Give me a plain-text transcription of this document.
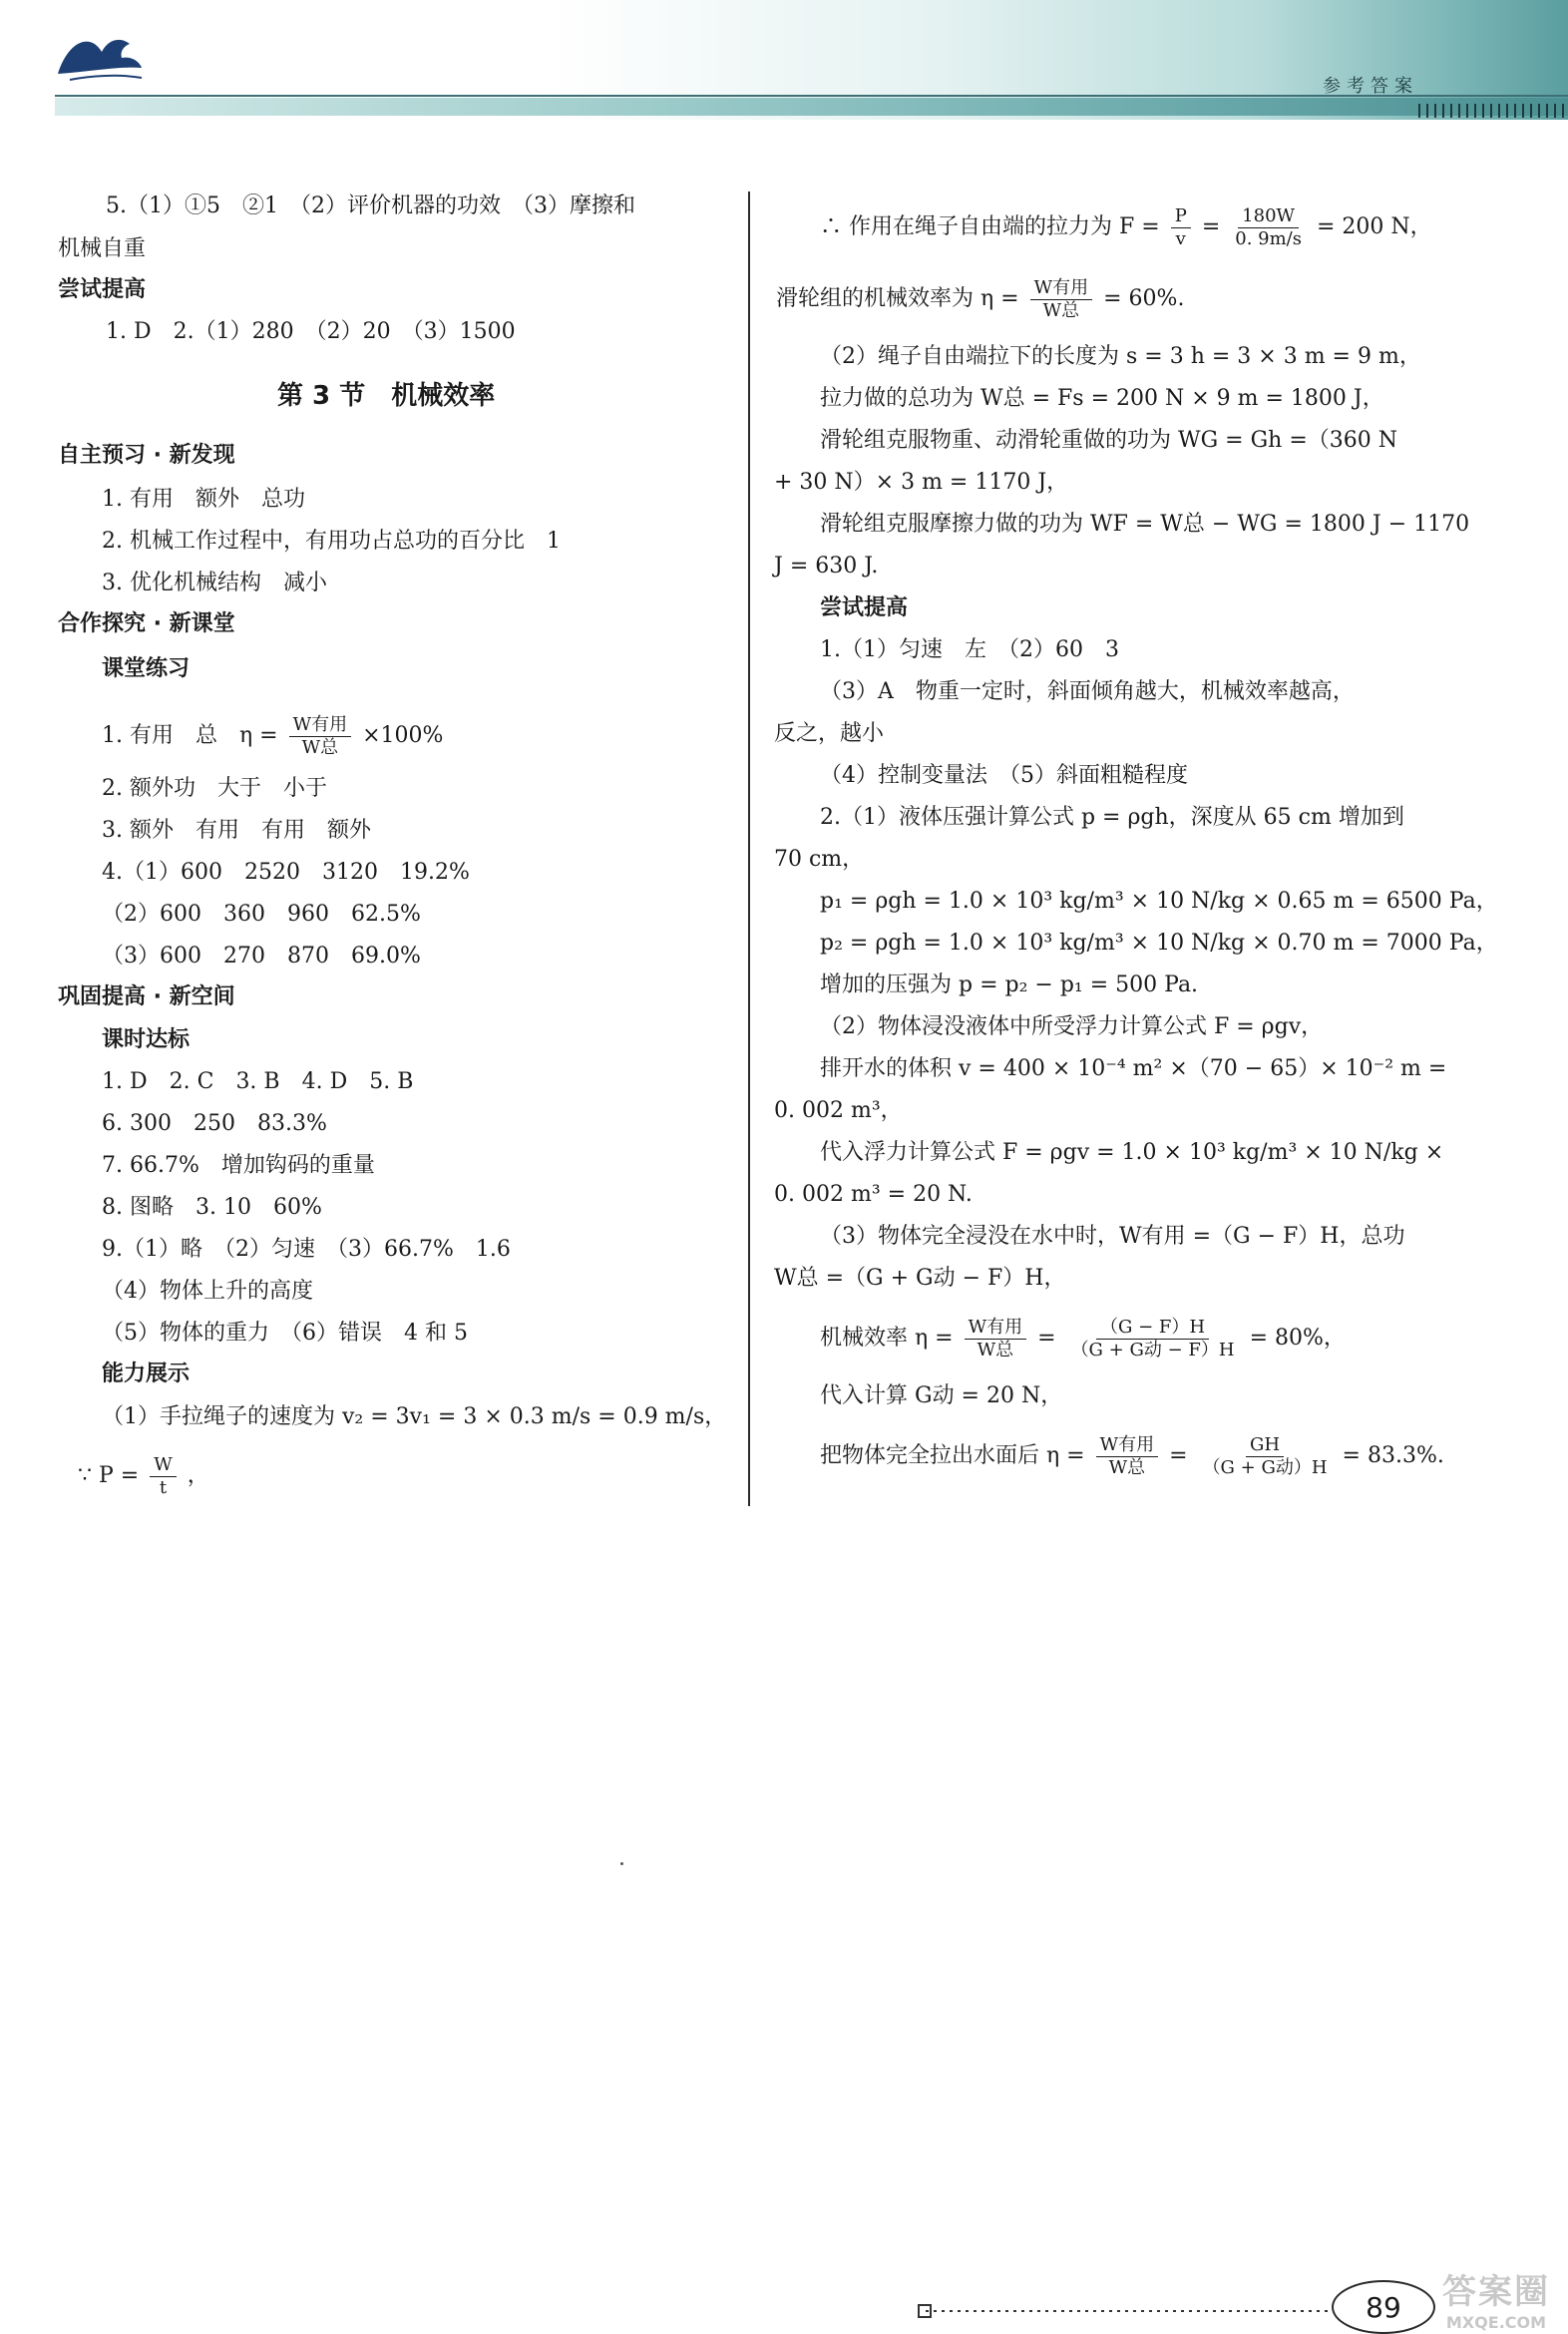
参考答案
5.（1）①5　②1　（2）评价机器的功效　（3）摩擦和
机械自重
尝试提高
1. D　2.（1）280　（2）20　（3）1500
第 3 节　机械效率
自主预习 · 新发现
1. 有用　额外　总功
2. 机械工作过程中，有用功占总功的百分比　1
3. 优化机械结构　减小
合作探究 · 新课堂
课堂练习
1. 有用　总　$\eta = \frac{\text{W有用}}{\text{W总}} \times 100\%$
2. 额外功　大于　小于
3. 额外　有用　有用　额外
4.（1）600　2520　3120　19.2%
（2）600　360　960　62.5%
（3）600　270　870　69.0%
巩固提高 · 新空间
课时达标
1. D　2. C　3. B　4. D　5. B
6. 300　250　83.3%
7. 66.7%　增加钩码的重量
8. 图略　3. 10　60%
9.（1）略　（2）匀速　（3）66.7%　1.6
（4）物体上升的高度
（5）物体的重力　（6）错误　4 和 5
能力展示
（1）手拉绳子的速度为 v₂ = 3v₁ = 3 × 0.3 m/s = 0.9 m/s，
∵ $P = \frac{W}{t}$ ，
∴ 作用在绳子自由端的拉力为 $F = \frac{P}{v} = \frac{180W}{0. 9m/s} = 200$ N，
滑轮组的机械效率为 $\eta = \frac{\text{W有用}}{\text{W总}} = 60\%$.
（2）绳子自由端拉下的长度为 s = 3 h = 3 × 3 m = 9 m，
拉力做的总功为 W总 = Fs = 200 N × 9 m = 1800 J，
滑轮组克服物重、动滑轮重做的功为 WG = Gh =（360 N
+ 30 N）× 3 m = 1170 J，
滑轮组克服摩擦力做的功为 WF = W总 − WG = 1800 J − 1170
J = 630 J.
尝试提高
1.（1）匀速　左　（2）60　3
（3）A　物重一定时，斜面倾角越大，机械效率越高，
反之，越小
（4）控制变量法　（5）斜面粗糙程度
2.（1）液体压强计算公式 p = ρgh，深度从 65 cm 增加到
70 cm，
p₁ = ρgh = 1.0 × 10³ kg/m³ × 10 N/kg × 0.65 m = 6500 Pa，
p₂ = ρgh = 1.0 × 10³ kg/m³ × 10 N/kg × 0.70 m = 7000 Pa，
增加的压强为 p = p₂ − p₁ = 500 Pa.
（2）物体浸没液体中所受浮力计算公式 F = ρgv，
排开水的体积 v = 400 × 10⁻⁴ m² ×（70 − 65）× 10⁻² m =
0. 002 m³，
代入浮力计算公式 F = ρgv = 1.0 × 10³ kg/m³ × 10 N/kg ×
0. 002 m³ = 20 N.
（3）物体完全浸没在水中时，W有用 =（G − F）H，总功
W总 =（G + G动 − F）H，
机械效率 $\eta = \frac{\text{W有用}}{\text{W总}} = \frac{(G - F)H}{\text{（G + G动 − F）H}} = 80\%$，
代入计算 G动 = 20 N，
把物体完全拉出水面后 $\eta = \frac{\text{W有用}}{\text{W总}} = \frac{GH}{\text{（G + G动）H}} = 83.3\%$.
89	答案圈
MXQE.COM
